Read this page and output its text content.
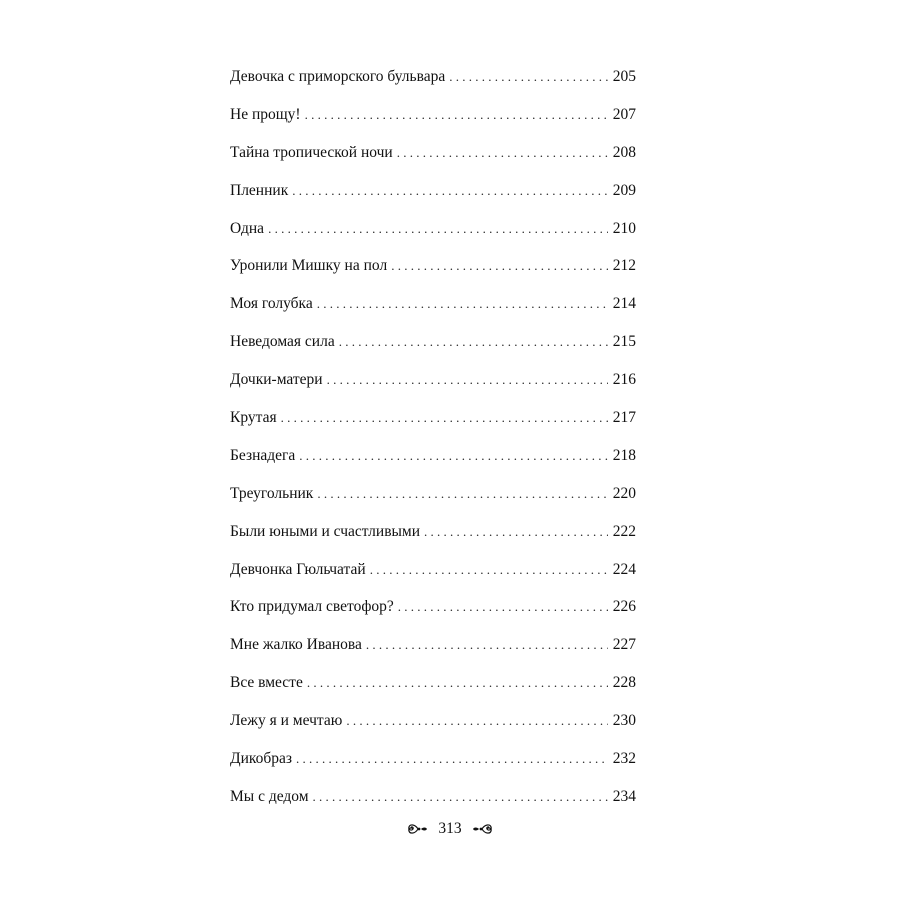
Девочка с приморского бульвара . . .	205
Не прощу! . . .	207
Тайна тропической ночи . . .	208
Пленник . . .	209
Одна . . .	210
Уронили Мишку на пол . . .	212
Моя голубка . . .	214
Неведомая сила . . .	215
Дочки-матери . . .	216
Крутая . . .	217
Безнадега . . .	218
Треугольник . . .	220
Были юными и счастливыми . . .	222
Девчонка Гюльчатай . . .	224
Кто придумал светофор? . . .	226
Мне жалко Иванова . . .	227
Все вместе . . .	228
Лежу я и мечтаю . . .	230
Дикобраз . . .	232
Мы с дедом . . .	234
313
